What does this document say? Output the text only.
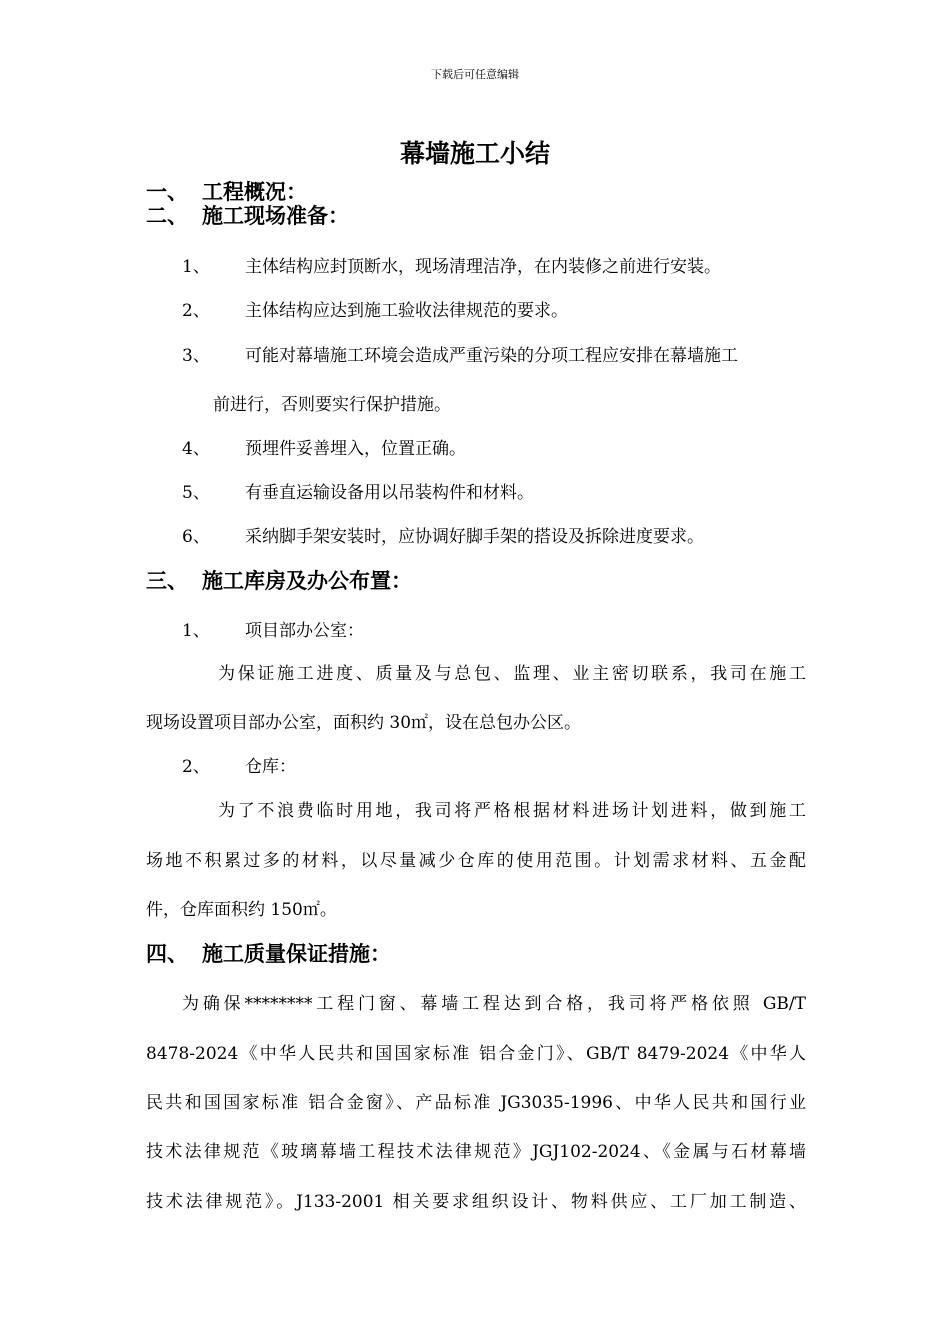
下载后可任意编辑
幕墙施工小结
一、 工程概况：
二、 施工现场准备：
1、 主体结构应封顶断水，现场清理洁净，在内装修之前进行安装。
2、 主体结构应达到施工验收法律规范的要求。
3、 可能对幕墙施工环境会造成严重污染的分项工程应安排在幕墙施工
前进行，否则要实行保护措施。
4、 预埋件妥善埋入，位置正确。
5、 有垂直运输设备用以吊装构件和材料。
6、 采纳脚手架安装时，应协调好脚手架的搭设及拆除进度要求。
三、 施工库房及办公布置：
1、 项目部办公室：
为保证施工进度、质量及与总包、监理、业主密切联系，我司在施工
现场设置项目部办公室，面积约 30㎡，设在总包办公区。
2、 仓库：
为了不浪费临时用地，我司将严格根据材料进场计划进料，做到施工
场地不积累过多的材料，以尽量减少仓库的使用范围。计划需求材料、五金配
件，仓库面积约 150㎡。
四、 施工质量保证措施：
为确保********工程门窗、幕墙工程达到合格，我司将严格依照 GB/T
8478-2024《中华人民共和国国家标准 铝合金门》、GB/T 8479-2024《中华人
民共和国国家标准 铝合金窗》、产品标准 JG3035-1996、中华人民共和国行业
技术法律规范《玻璃幕墙工程技术法律规范》JGJ102-2024、《金属与石材幕墙
技术法律规范》。J133-2001 相关要求组织设计、物料供应、工厂加工制造、
